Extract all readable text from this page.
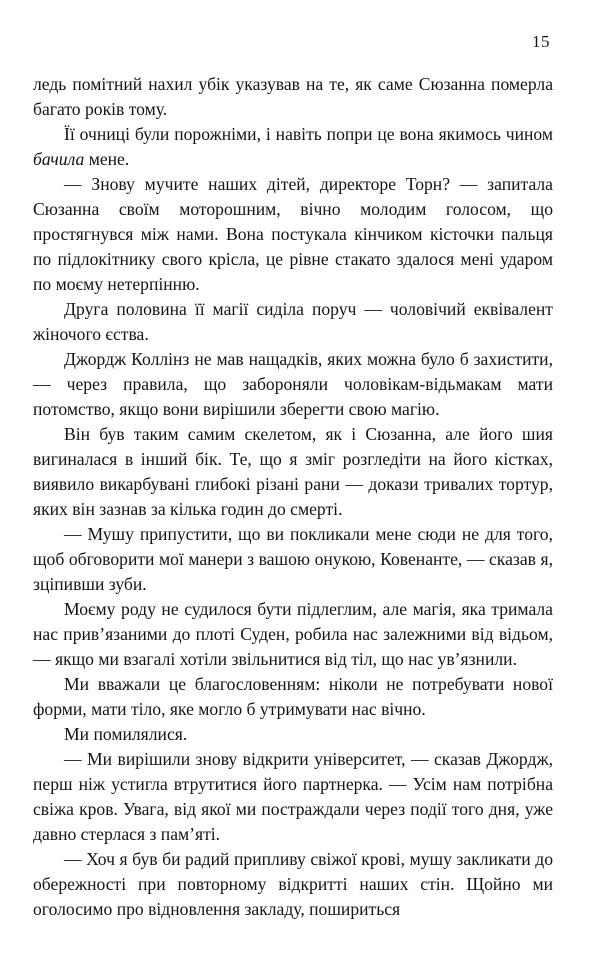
15

ледь помітний нахил убік указував на те, як саме Сюзанна померла багато років тому.

Її очниці були порожніми, і навіть попри це вона якимось чином бачила мене.

— Знову мучите наших дітей, директоре Торн? — запитала Сюзанна своїм моторошним, вічно молодим голосом, що простягнувся між нами. Вона постукала кінчиком кісточки пальця по підлокітнику свого крісла, це рівне стакато здалося мені ударом по моєму нетерпінню.

Друга половина її магії сиділа поруч — чоловічий еквівалент жіночого єства.

Джордж Коллінз не мав нащадків, яких можна було б захистити, — через правила, що забороняли чоловікам-відьмакам мати потомство, якщо вони вирішили зберегти свою магію.

Він був таким самим скелетом, як і Сюзанна, але його шия вигиналася в інший бік. Те, що я зміг розгледіти на його кістках, виявило викарбувані глибокі різані рани — докази тривалих тортур, яких він зазнав за кілька годин до смерті.

— Мушу припустити, що ви покликали мене сюди не для того, щоб обговорити мої манери з вашою онукою, Ковенанте, — сказав я, зціпивши зуби.

Моєму роду не судилося бути підлеглим, але магія, яка тримала нас прив’язаними до плоті Суден, робила нас залежними від відьом, — якщо ми взагалі хотіли звільнитися від тіл, що нас ув’язнили.

Ми вважали це благословенням: ніколи не потребувати нової форми, мати тіло, яке могло б утримувати нас вічно.

Ми помилялися.

— Ми вирішили знову відкрити університет, — сказав Джордж, перш ніж устигла втрутитися його партнерка. — Усім нам потрібна свіжа кров. Увага, від якої ми постраждали через події того дня, уже давно стерлася з пам’яті.

— Хоч я був би радий припливу свіжої крові, мушу закликати до обережності при повторному відкритті наших стін. Щойно ми оголосимо про відновлення закладу, пошириться
